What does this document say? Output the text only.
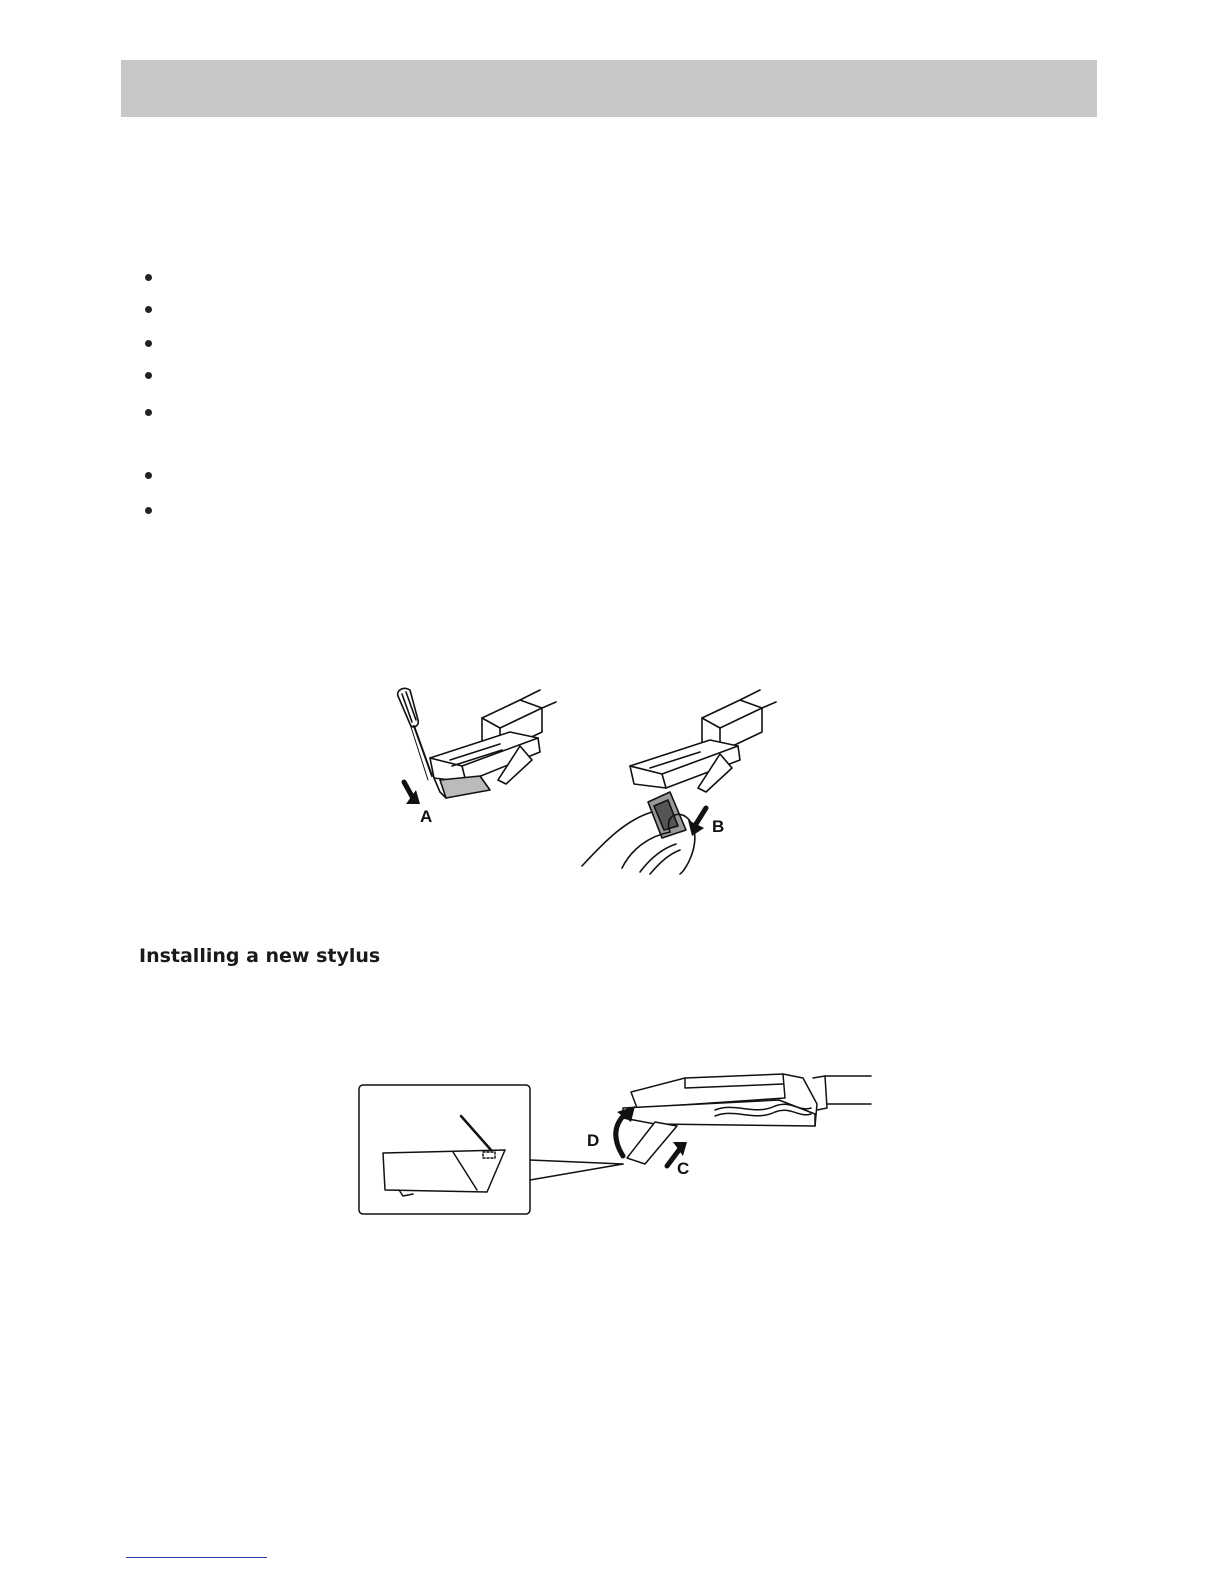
A
B
Installing a new stylus
D
C
